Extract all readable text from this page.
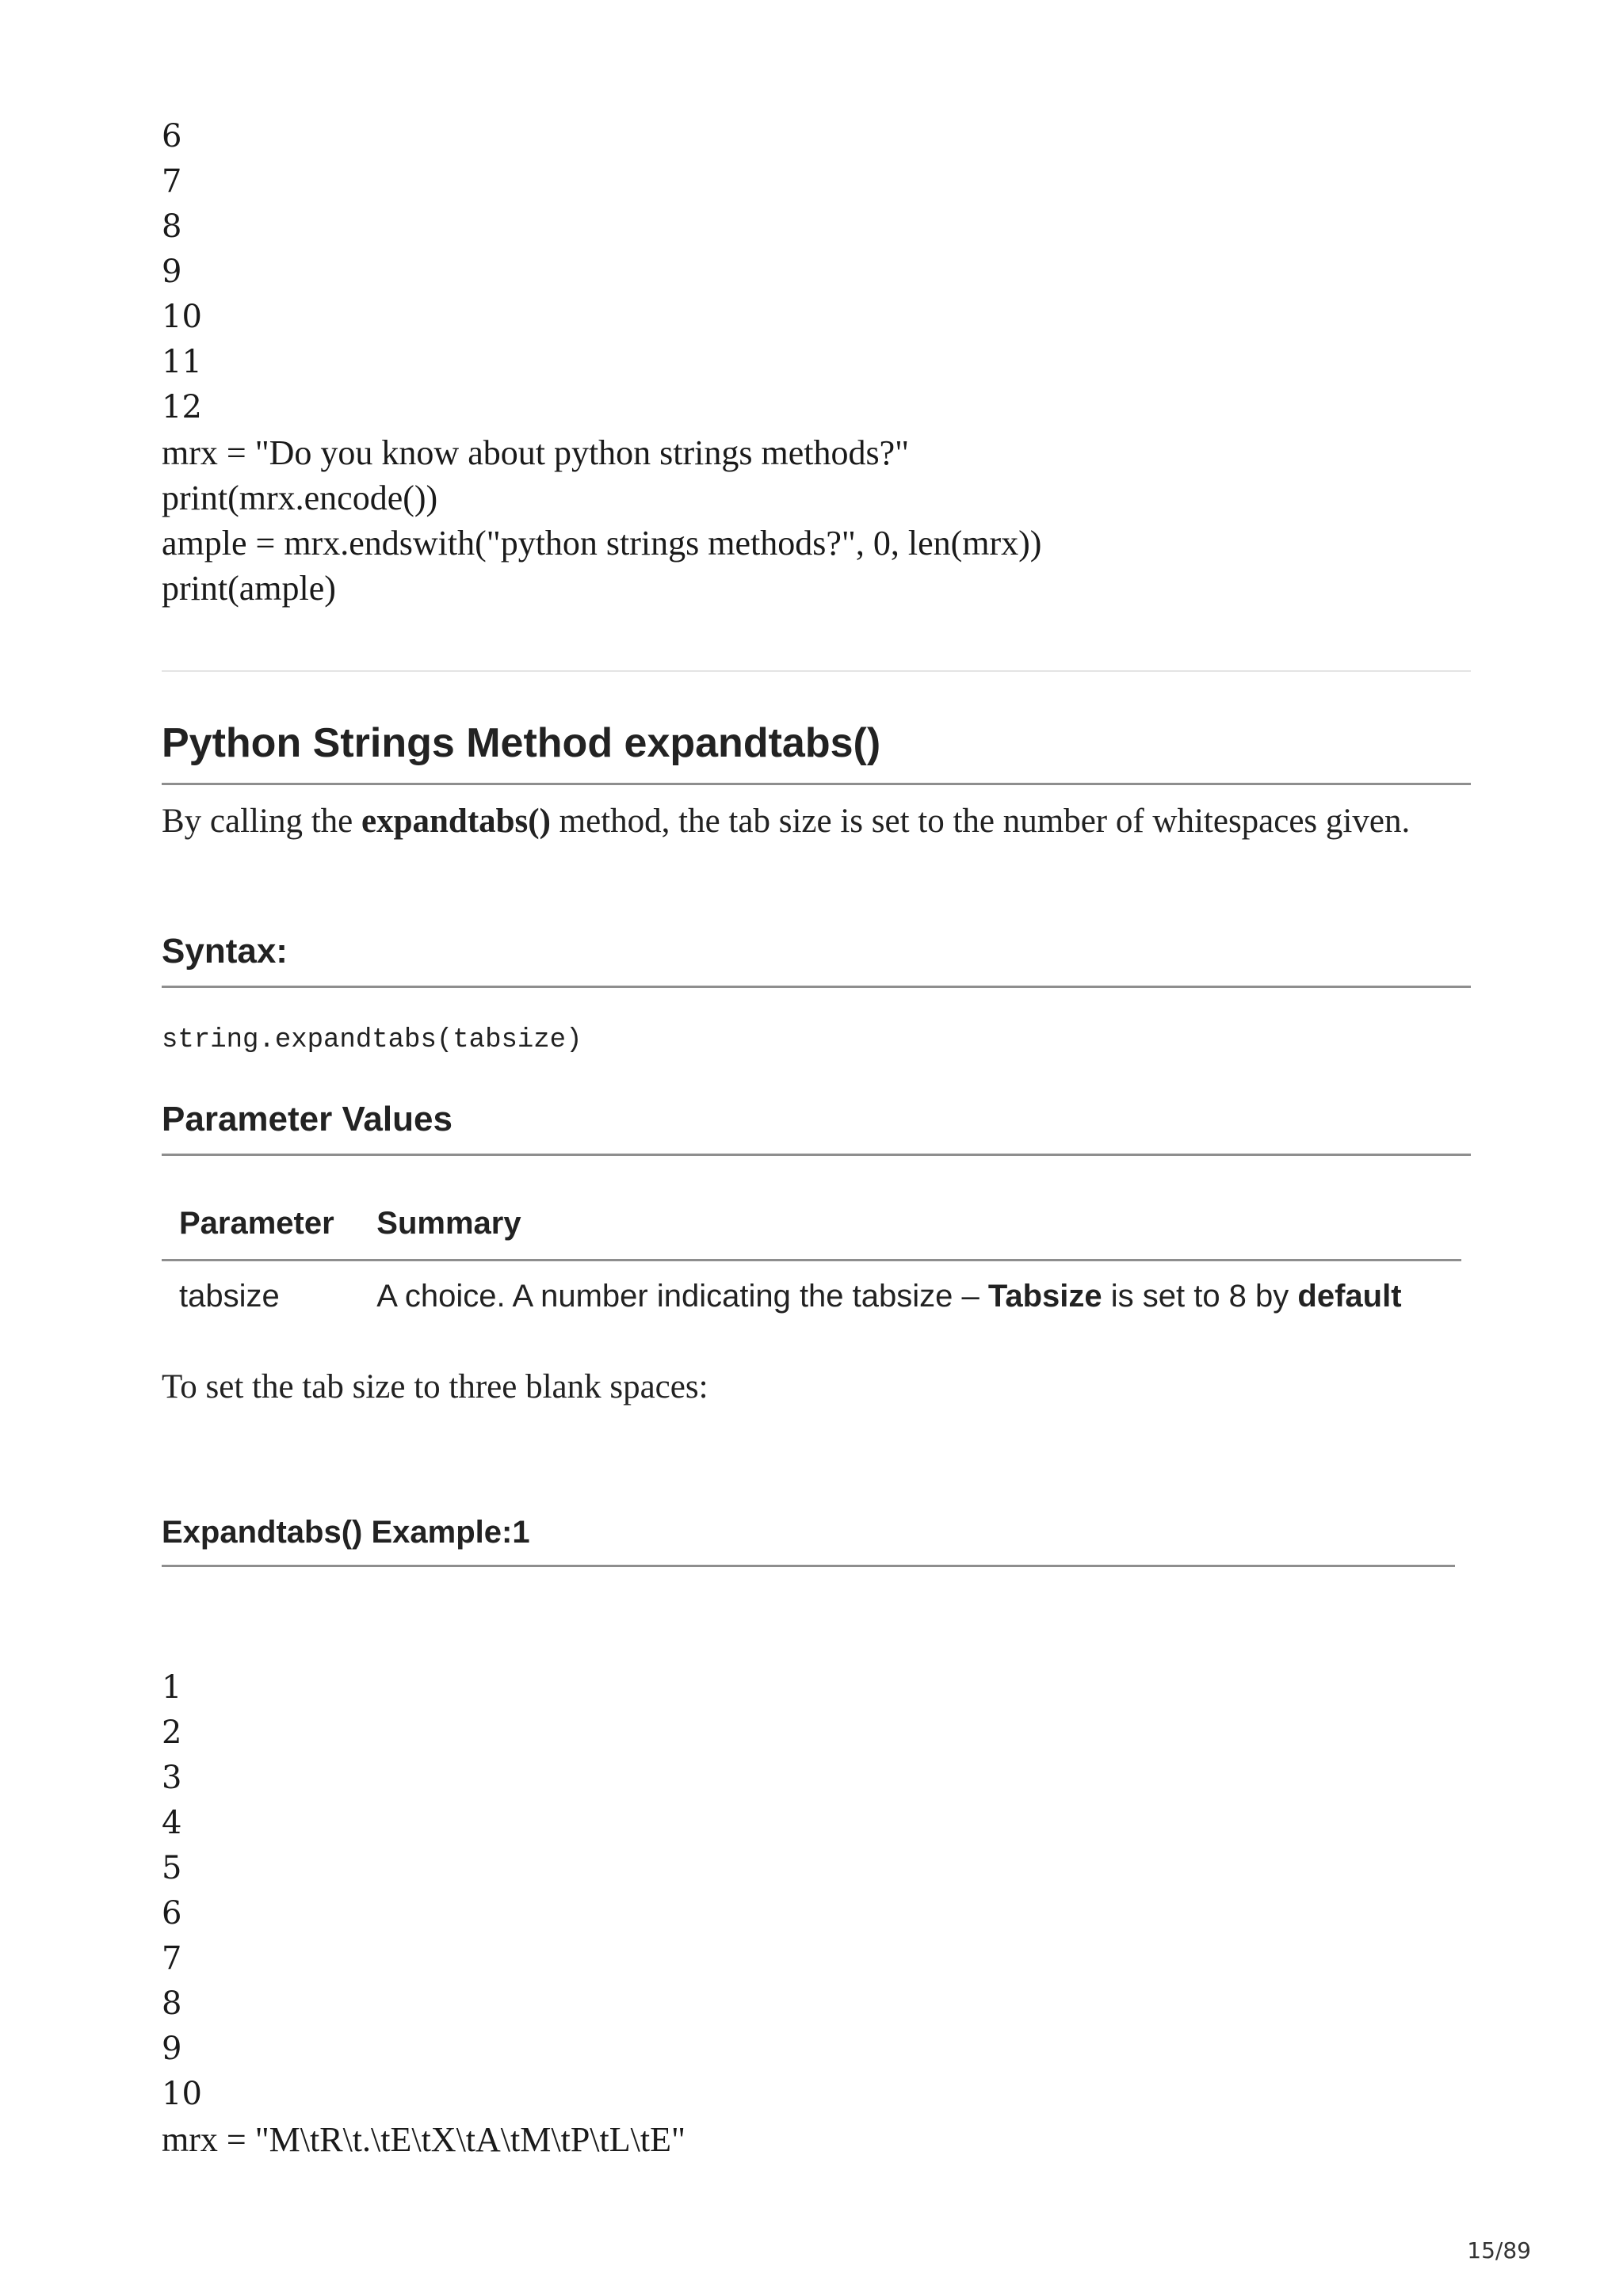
6
7
8
9
10
11
12
mrx = "Do you know about python strings methods?"
print(mrx.encode())
ample = mrx.endswith("python strings methods?", 0, len(mrx))
print(ample)
Python Strings Method expandtabs()
By calling the expandtabs() method, the tab size is set to the number of whitespaces given.
Syntax:
string.expandtabs(tabsize)
Parameter Values
Parameter	Summary
tabsize	A choice. A number indicating the tabsize – Tabsize is set to 8 by default
To set the tab size to three blank spaces:
Expandtabs() Example:1
1
2
3
4
5
6
7
8
9
10
mrx = "M\tR\t.\tE\tX\tA\tM\tP\tL\tE"
15/89
